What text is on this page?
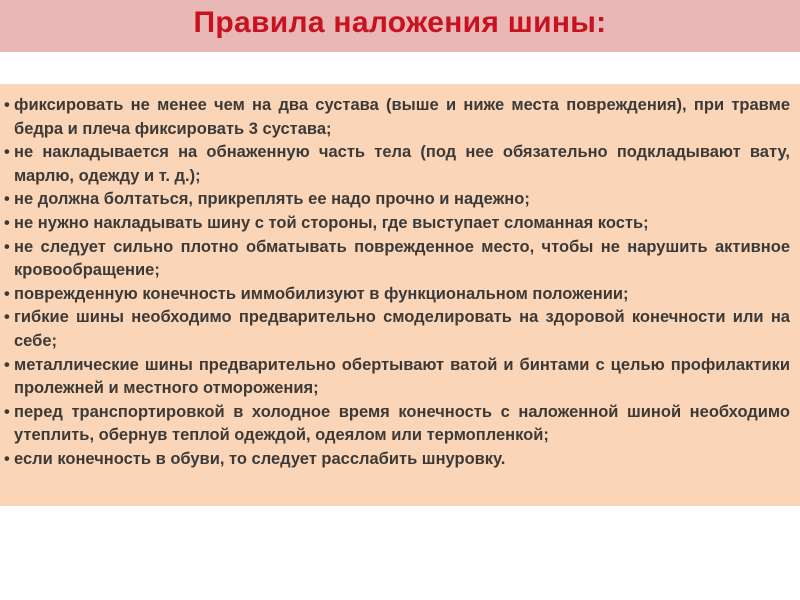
Правила наложения шины:
• фиксировать не менее чем на два сустава (выше и ниже места повреждения), при травме бедра и плеча фиксировать 3 сустава;
• не накладывается на обнаженную часть тела (под нее обязательно подкладывают вату, марлю, одежду и т. д.);
• не должна болтаться, прикреплять ее надо прочно и надежно;
• не нужно накладывать шину с той стороны, где выступает сломанная кость;
• не следует сильно плотно обматывать поврежденное место, чтобы не нарушить активное кровообращение;
• поврежденную конечность иммобилизуют в функциональном положении;
• гибкие шины необходимо предварительно смоделировать на здоровой конечности или на себе;
• металлические шины предварительно обертывают ватой и бинтами с целью профилактики пролежней и местного отморожения;
• перед транспортировкой в холодное время конечность с наложенной шиной необходимо утеплить, обернув теплой одеждой, одеялом или термопленкой;
• если конечность в обуви, то следует расслабить шнуровку.
